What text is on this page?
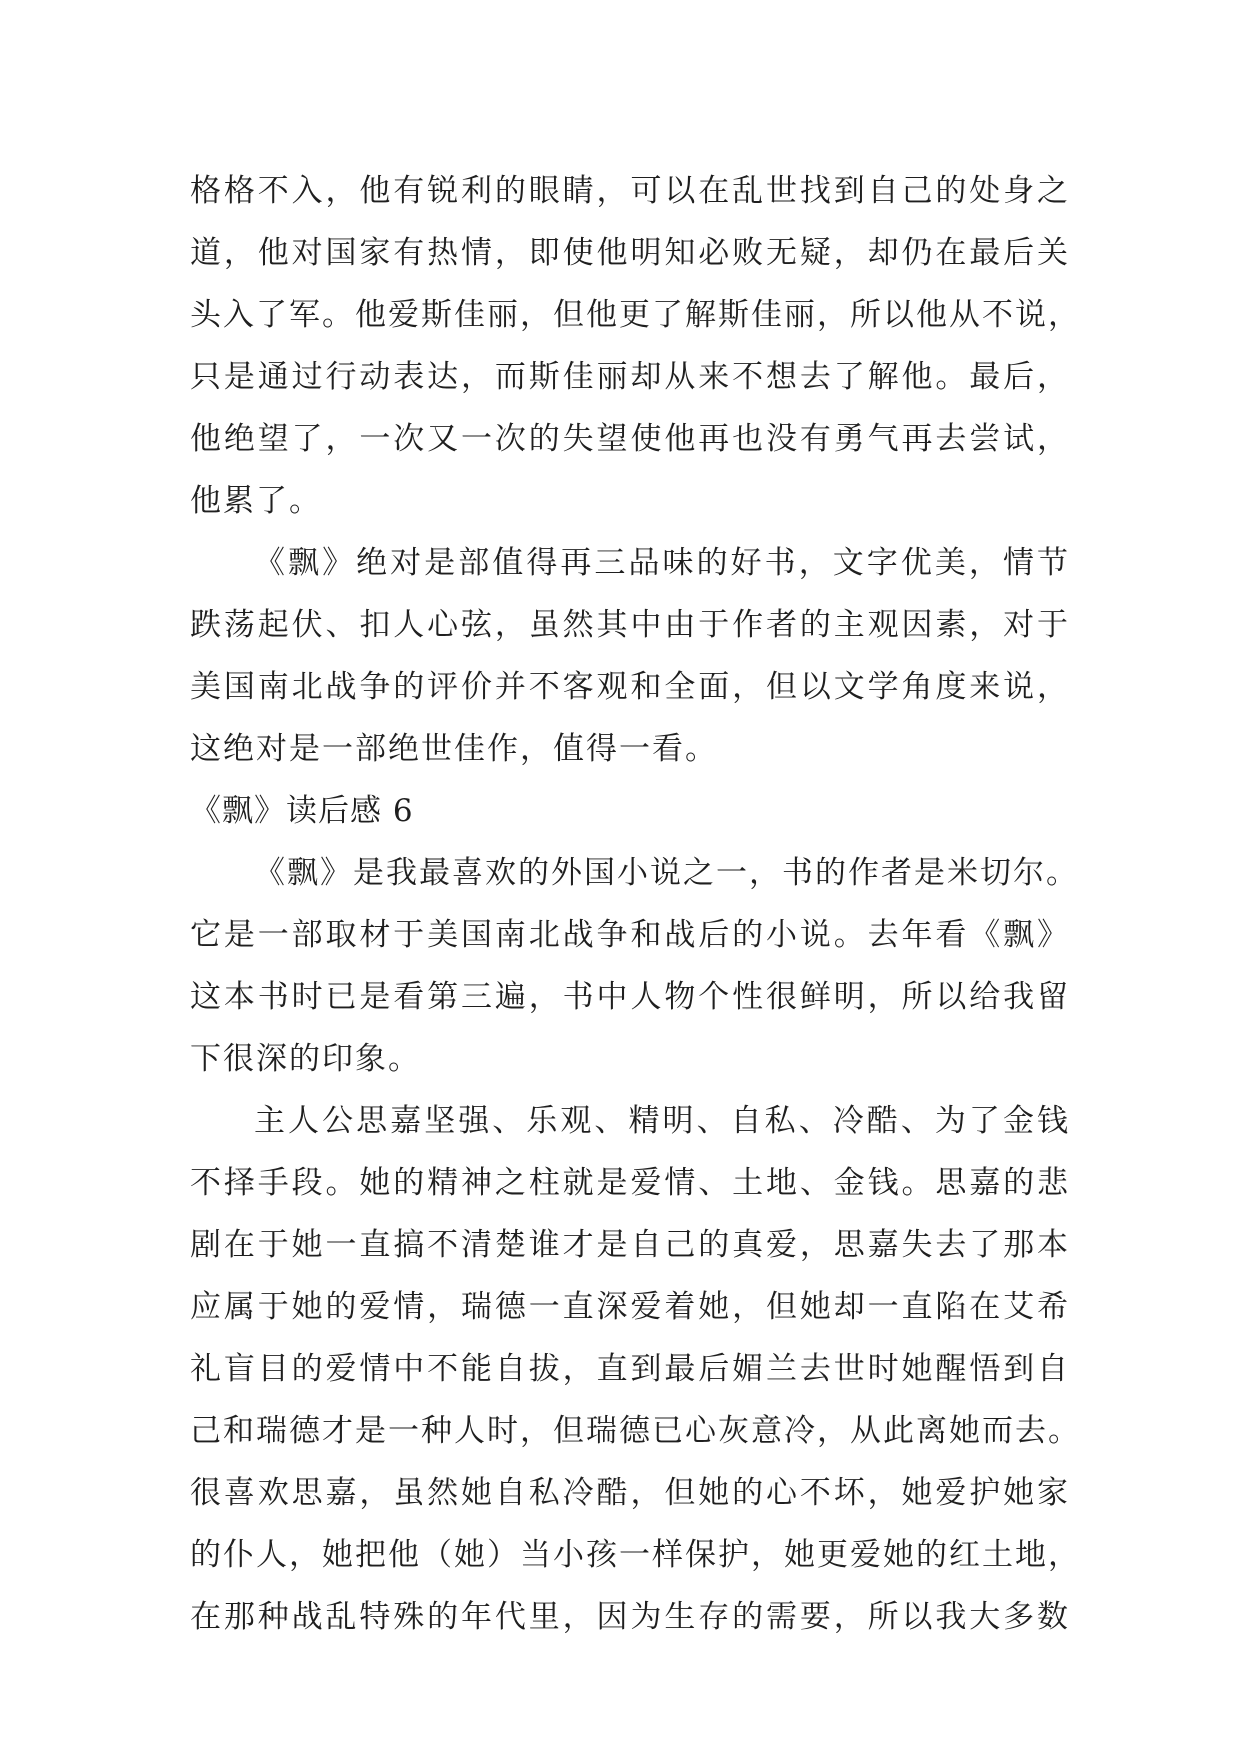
格格不入，他有锐利的眼睛，可以在乱世找到自己的处身之
道，他对国家有热情，即使他明知必败无疑，却仍在最后关
头入了军。他爱斯佳丽，但他更了解斯佳丽，所以他从不说，
只是通过行动表达，而斯佳丽却从来不想去了解他。最后，
他绝望了，一次又一次的失望使他再也没有勇气再去尝试，
他累了。
《飘》绝对是部值得再三品味的好书，文字优美，情节
跌荡起伏、扣人心弦，虽然其中由于作者的主观因素，对于
美国南北战争的评价并不客观和全面，但以文学角度来说，
这绝对是一部绝世佳作，值得一看。
《飘》读后感 6
《飘》是我最喜欢的外国小说之一，书的作者是米切尔。
它是一部取材于美国南北战争和战后的小说。去年看《飘》
这本书时已是看第三遍，书中人物个性很鲜明，所以给我留
下很深的印象。
主人公思嘉坚强、乐观、精明、自私、冷酷、为了金钱
不择手段。她的精神之柱就是爱情、土地、金钱。思嘉的悲
剧在于她一直搞不清楚谁才是自己的真爱，思嘉失去了那本
应属于她的爱情，瑞德一直深爱着她，但她却一直陷在艾希
礼盲目的爱情中不能自拔，直到最后媚兰去世时她醒悟到自
己和瑞德才是一种人时，但瑞德已心灰意冷，从此离她而去。
很喜欢思嘉，虽然她自私冷酷，但她的心不坏，她爱护她家
的仆人，她把他（她）当小孩一样保护，她更爱她的红土地，
在那种战乱特殊的年代里，因为生存的需要，所以我大多数
